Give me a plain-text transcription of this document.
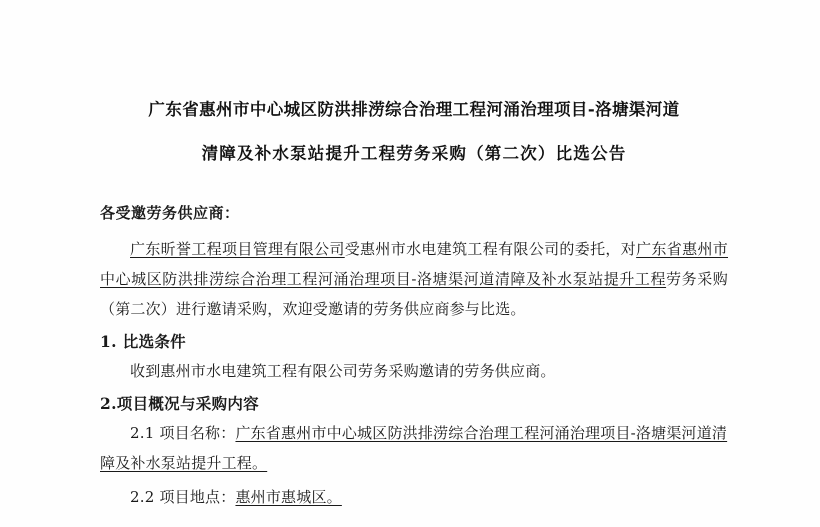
广东省惠州市中心城区防洪排涝综合治理工程河涌治理项目-洛塘渠河道
清障及补水泵站提升工程劳务采购（第二次）比选公告
各受邀劳务供应商：
广东昕誉工程项目管理有限公司受惠州市水电建筑工程有限公司的委托，对广东省惠州市中心城区防洪排涝综合治理工程河涌治理项目-洛塘渠河道清障及补水泵站提升工程劳务采购（第二次）进行邀请采购，欢迎受邀请的劳务供应商参与比选。
1. 比选条件
收到惠州市水电建筑工程有限公司劳务采购邀请的劳务供应商。
2.项目概况与采购内容
2.1 项目名称：广东省惠州市中心城区防洪排涝综合治理工程河涌治理项目-洛塘渠河道清障及补水泵站提升工程。
2.2 项目地点：惠州市惠城区。
